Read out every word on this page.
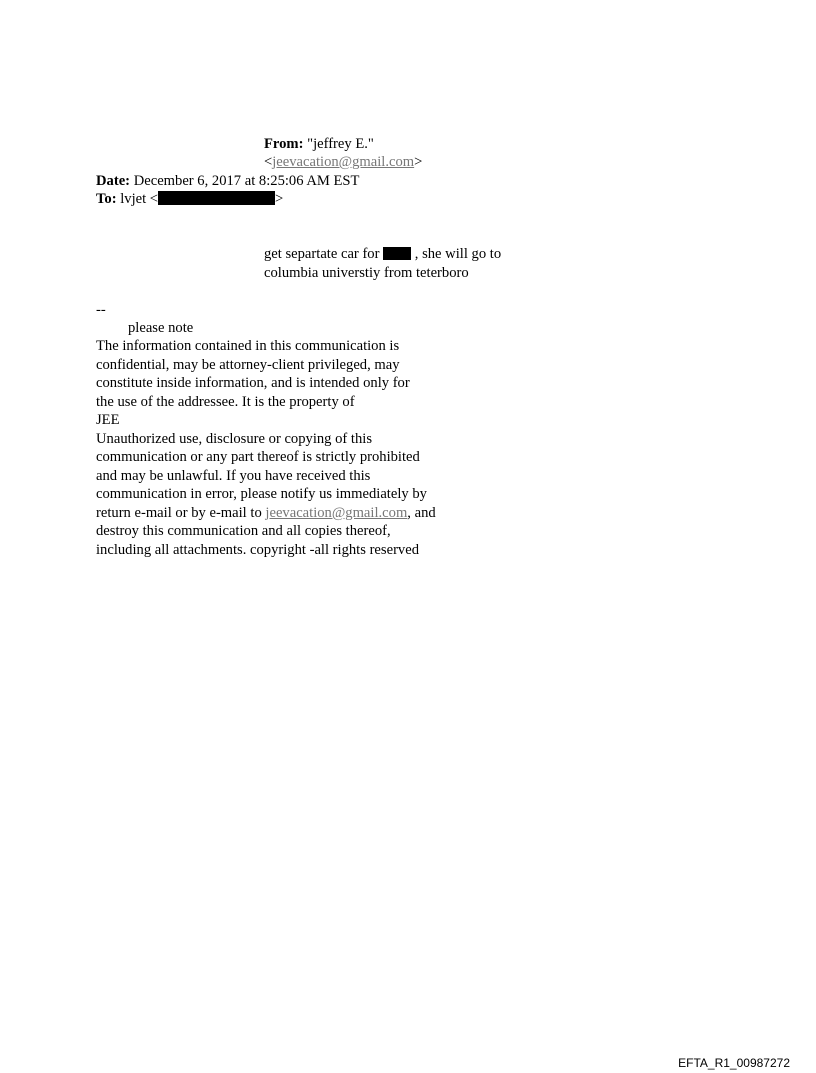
From: "jeffrey E."
<jeevacation@gmail.com>
Date: December 6, 2017 at 8:25:06 AM EST
To: lvjet <	>
get separtate car for , she will go to
columbia universtiy from teterboro
--
please note
The information contained in this communication is
confidential, may be attorney-client privileged, may
constitute inside information, and is intended only for
the use of the addressee. It is the property of
JEE
Unauthorized use, disclosure or copying of this
communication or any part thereof is strictly prohibited
and may be unlawful. If you have received this
communication in error, please notify us immediately by
return e-mail or by e-mail to jeevacation@gmail.com, and
destroy this communication and all copies thereof,
including all attachments. copyright -all rights reserved
EFTA_R1_00987272
